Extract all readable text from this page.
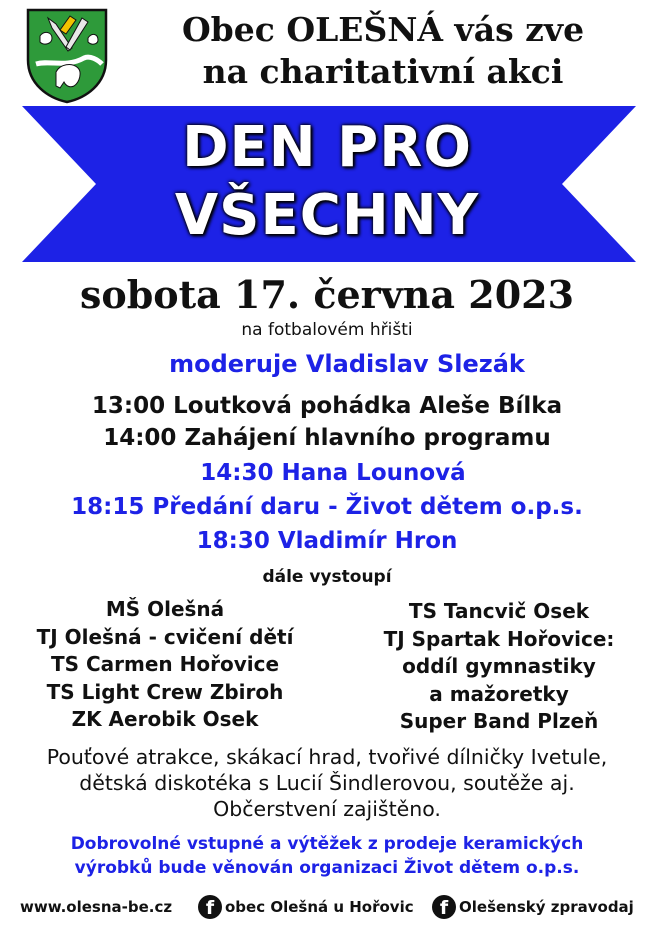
Obec OLEŠNÁ vás zve
na charitativní akci
DEN PRO
VŠECHNY
sobota 17. června 2023
na fotbalovém hřišti
moderuje Vladislav Slezák
13:00 Loutková pohádka Aleše Bílka
14:00 Zahájení hlavního programu
14:30 Hana Lounová
18:15 Předání daru - Život dětem o.p.s.
18:30 Vladimír Hron
dále vystoupí
MŠ Olešná
TJ Olešná - cvičení dětí
TS Carmen Hořovice
TS Light Crew Zbiroh
ZK Aerobik Osek
TS Tancvič Osek
TJ Spartak Hořovice:
oddíl gymnastiky
a mažoretky
Super Band Plzeň
Pouťové atrakce, skákací hrad, tvořivé dílničky Ivetule,
dětská diskotéka s Lucií Šindlerovou, soutěže aj.
Občerstvení zajištěno.
Dobrovolné vstupné a výtěžek z prodeje keramických
výrobků bude věnován organizaci Život dětem o.p.s.
www.olesna-be.cz	f obec Olešná u Hořovic	f Olešenský zpravodaj
